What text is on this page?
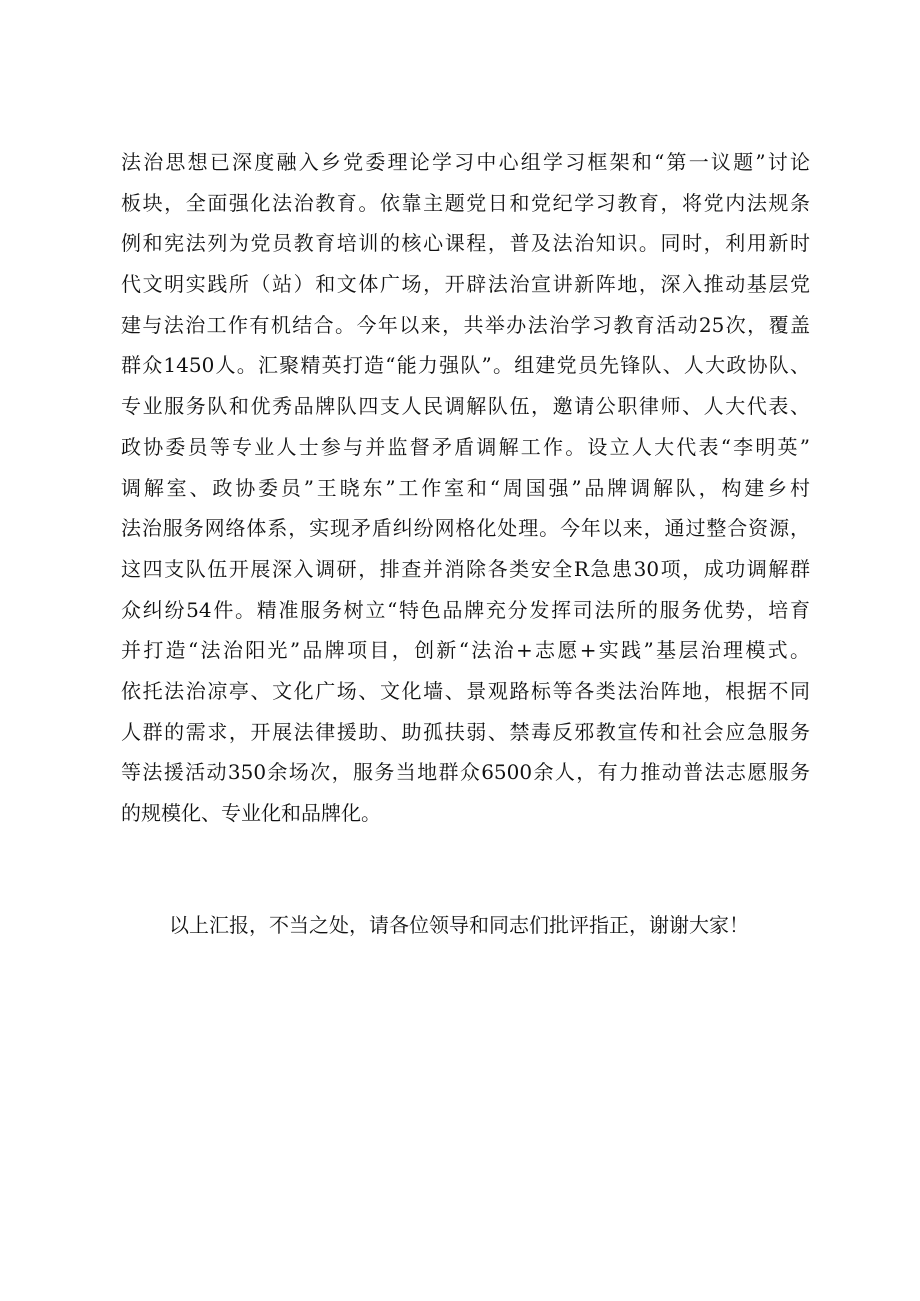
法治思想已深度融入乡党委理论学习中心组学习框架和“第一议题”讨论
板块，全面强化法治教育。依靠主题党日和党纪学习教育，将党内法规条
例和宪法列为党员教育培训的核心课程，普及法治知识。同时，利用新时
代文明实践所（站）和文体广场，开辟法治宣讲新阵地，深入推动基层党
建与法治工作有机结合。今年以来，共举办法治学习教育活动25次，覆盖
群众1450人。汇聚精英打造“能力强队”。组建党员先锋队、人大政协队、
专业服务队和优秀品牌队四支人民调解队伍，邀请公职律师、人大代表、
政协委员等专业人士参与并监督矛盾调解工作。设立人大代表“李明英”
调解室、政协委员”王晓东”工作室和“周国强”品牌调解队，构建乡村
法治服务网络体系，实现矛盾纠纷网格化处理。今年以来，通过整合资源，
这四支队伍开展深入调研，排查并消除各类安全R急患30项，成功调解群
众纠纷54件。精准服务树立“特色品牌充分发挥司法所的服务优势，培育
并打造“法治阳光”品牌项目，创新“法治+志愿+实践”基层治理模式。
依托法治凉亭、文化广场、文化墙、景观路标等各类法治阵地，根据不同
人群的需求，开展法律援助、助孤扶弱、禁毒反邪教宣传和社会应急服务
等法援活动350余场次，服务当地群众6500余人，有力推动普法志愿服务
的规模化、专业化和品牌化。
以上汇报，不当之处，请各位领导和同志们批评指正，谢谢大家！
